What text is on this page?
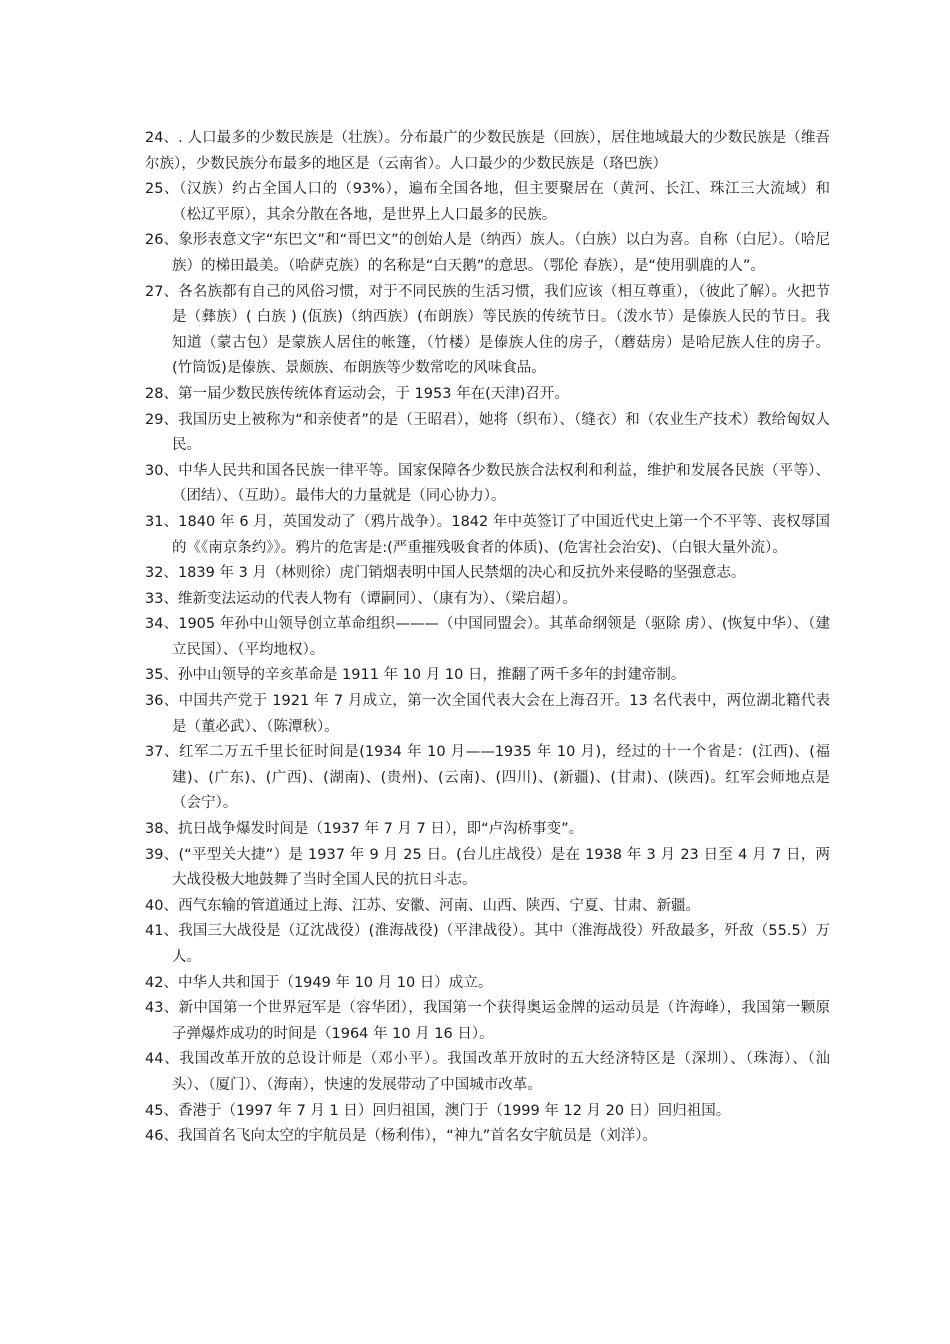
24、. 人口最多的少数民族是（壮族）。分布最广的少数民族是（回族），居住地域最大的少数民族是（维吾尔族），少数民族分布最多的地区是（云南省）。人口最少的少数民族是（珞巴族）

25、（汉族）约占全国人口的（93%），遍布全国各地，但主要聚居在（黄河、长江、珠江三大流域）和（松辽平原），其余分散在各地，是世界上人口最多的民族。

26、象形表意文字“东巴文”和“哥巴文”的创始人是（纳西）族人。（白族）以白为喜。自称（白尼）。（哈尼族）的梯田最美。（哈萨克族）的名称是“白天鹅”的意思。（鄂伦 春族），是“使用驯鹿的人”。

27、各名族都有自己的风俗习惯，对于不同民族的生活习惯，我们应该（相互尊重），（彼此了解）。火把节是（彝族）( 白族 ) (佤族)（纳西族）(布朗族）等民族的传统节日。（泼水节）是傣族人民的节日。我知道（蒙古包）是蒙族人居住的帐篷，（竹楼）是傣族人住的房子，（蘑菇房）是哈尼族人住的房子。(竹筒饭)是傣族、景颇族、布朗族等少数常吃的风味食品。

28、第一届少数民族传统体育运动会，于 1953 年在(天津)召开。

29、我国历史上被称为“和亲使者”的是（王昭君），她将（织布）、（缝衣）和（农业生产技术）教给匈奴人民。

30、中华人民共和国各民族一律平等。国家保障各少数民族合法权利和利益，维护和发展各民族（平等）、（团结）、（互助）。最伟大的力量就是（同心协力）。

31、1840 年 6 月，英国发动了（鸦片战争）。1842 年中英签订了中国近代史上第一个不平等、丧权辱国的《《南京条约》》。鸦片的危害是:(严重摧残吸食者的体质)、(危害社会治安)、（白银大量外流）。

32、1839 年 3 月（林则徐）虎门销烟表明中国人民禁烟的决心和反抗外来侵略的坚强意志。

33、维新变法运动的代表人物有（谭嗣同）、（康有为）、（梁启超）。

34、1905 年孙中山领导创立革命组织———（中国同盟会）。其革命纲领是（驱除 虏）、(恢复中华）、（建立民国）、（平均地权）。

35、孙中山领导的辛亥革命是 1911 年 10 月 10 日，推翻了两千多年的封建帝制。

36、中国共产党于 1921 年 7 月成立，第一次全国代表大会在上海召开。13 名代表中，两位湖北籍代表是（董必武）、（陈潭秋）。

37、红军二万五千里长征时间是(1934 年 10 月——1935 年 10 月)，经过的十一个省是：(江西)、(福建)、(广东)、(广西)、(湖南)、(贵州)、(云南)、(四川)、(新疆)、(甘肃)、(陕西)。红军会师地点是（会宁）。

38、抗日战争爆发时间是（1937 年 7 月 7 日），即“卢沟桥事变”。

39、(“平型关大捷”）是 1937 年 9 月 25 日。(台儿庄战役）是在 1938 年 3 月 23 日至 4 月 7 日，两大战役极大地鼓舞了当时全国人民的抗日斗志。

40、西气东输的管道通过上海、江苏、安徽、河南、山西、陕西、宁夏、甘肃、新疆。

41、我国三大战役是（辽沈战役）(淮海战役)（平津战役）。其中（淮海战役）歼敌最多，歼敌（55.5）万人。

42、中华人共和国于（1949 年 10 月 10 日）成立。

43、新中国第一个世界冠军是（容华团），我国第一个获得奥运金牌的运动员是（许海峰），我国第一颗原子弹爆炸成功的时间是（1964 年 10 月 16 日）。

44、我国改革开放的总设计师是（邓小平）。我国改革开放时的五大经济特区是（深圳）、（珠海）、（汕头）、（厦门）、（海南），快速的发展带动了中国城市改革。

45、香港于（1997 年 7 月 1 日）回归祖国，澳门于（1999 年 12 月 20 日）回归祖国。

46、我国首名飞向太空的宇航员是（杨利伟），“神九”首名女宇航员是（刘洋）。
